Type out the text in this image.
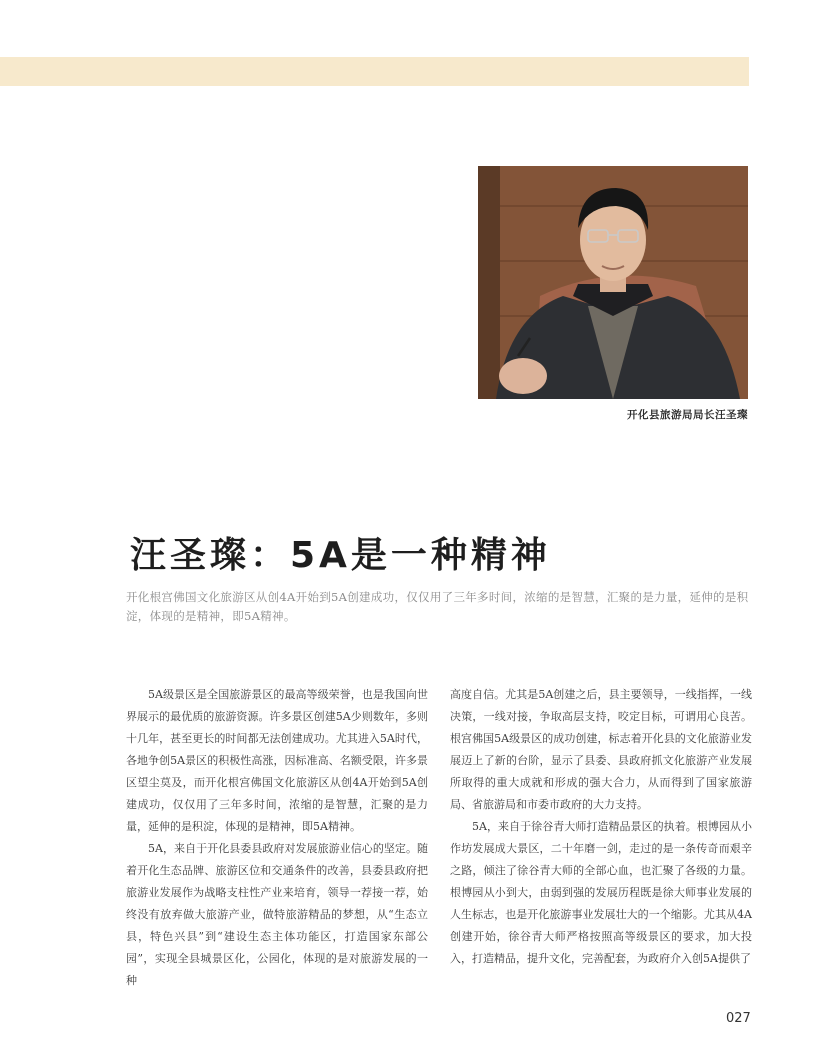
开化县旅游局局长汪圣璨
汪圣璨：5A是一种精神
开化根宫佛国文化旅游区从创4A开始到5A创建成功，仅仅用了三年多时间，浓缩的是智慧，汇聚的是力量，延伸的是积淀，体现的是精神，即5A精神。

5A级景区是全国旅游景区的最高等级荣誉，也是我国向世界展示的最优质的旅游资源。许多景区创建5A少则数年，多则十几年，甚至更长的时间都无法创建成功。尤其进入5A时代，各地争创5A景区的积极性高涨，因标准高、名额受限，许多景区望尘莫及，而开化根宫佛国文化旅游区从创4A开始到5A创建成功，仅仅用了三年多时间，浓缩的是智慧，汇聚的是力量，延伸的是积淀，体现的是精神，即5A精神。

5A，来自于开化县委县政府对发展旅游业信心的坚定。随着开化生态品牌、旅游区位和交通条件的改善，县委县政府把旅游业发展作为战略支柱性产业来培育，领导一荐接一荐，始终没有放弃做大旅游产业，做特旅游精品的梦想，从“生态立县，特色兴县”到“建设生态主体功能区，打造国家东部公园”，实现全县城景区化，公园化，体现的是对旅游发展的一种

高度自信。尤其是5A创建之后，县主要领导，一线指挥，一线决策，一线对接，争取高层支持，咬定目标，可谓用心良苦。根宫佛国5A级景区的成功创建，标志着开化县的文化旅游业发展迈上了新的台阶，显示了县委、县政府抓文化旅游产业发展所取得的重大成就和形成的强大合力，从而得到了国家旅游局、省旅游局和市委市政府的大力支持。

5A，来自于徐谷青大师打造精品景区的执着。根博园从小作坊发展成大景区，二十年磨一剑，走过的是一条传奇而艰辛之路，倾注了徐谷青大师的全部心血，也汇聚了各级的力量。根博园从小到大，由弱到强的发展历程既是徐大师事业发展的人生标志，也是开化旅游事业发展壮大的一个缩影。尤其从4A创建开始，徐谷青大师严格按照高等级景区的要求，加大投入，打造精品，提升文化，完善配套，为政府介入创5A提供了

027
